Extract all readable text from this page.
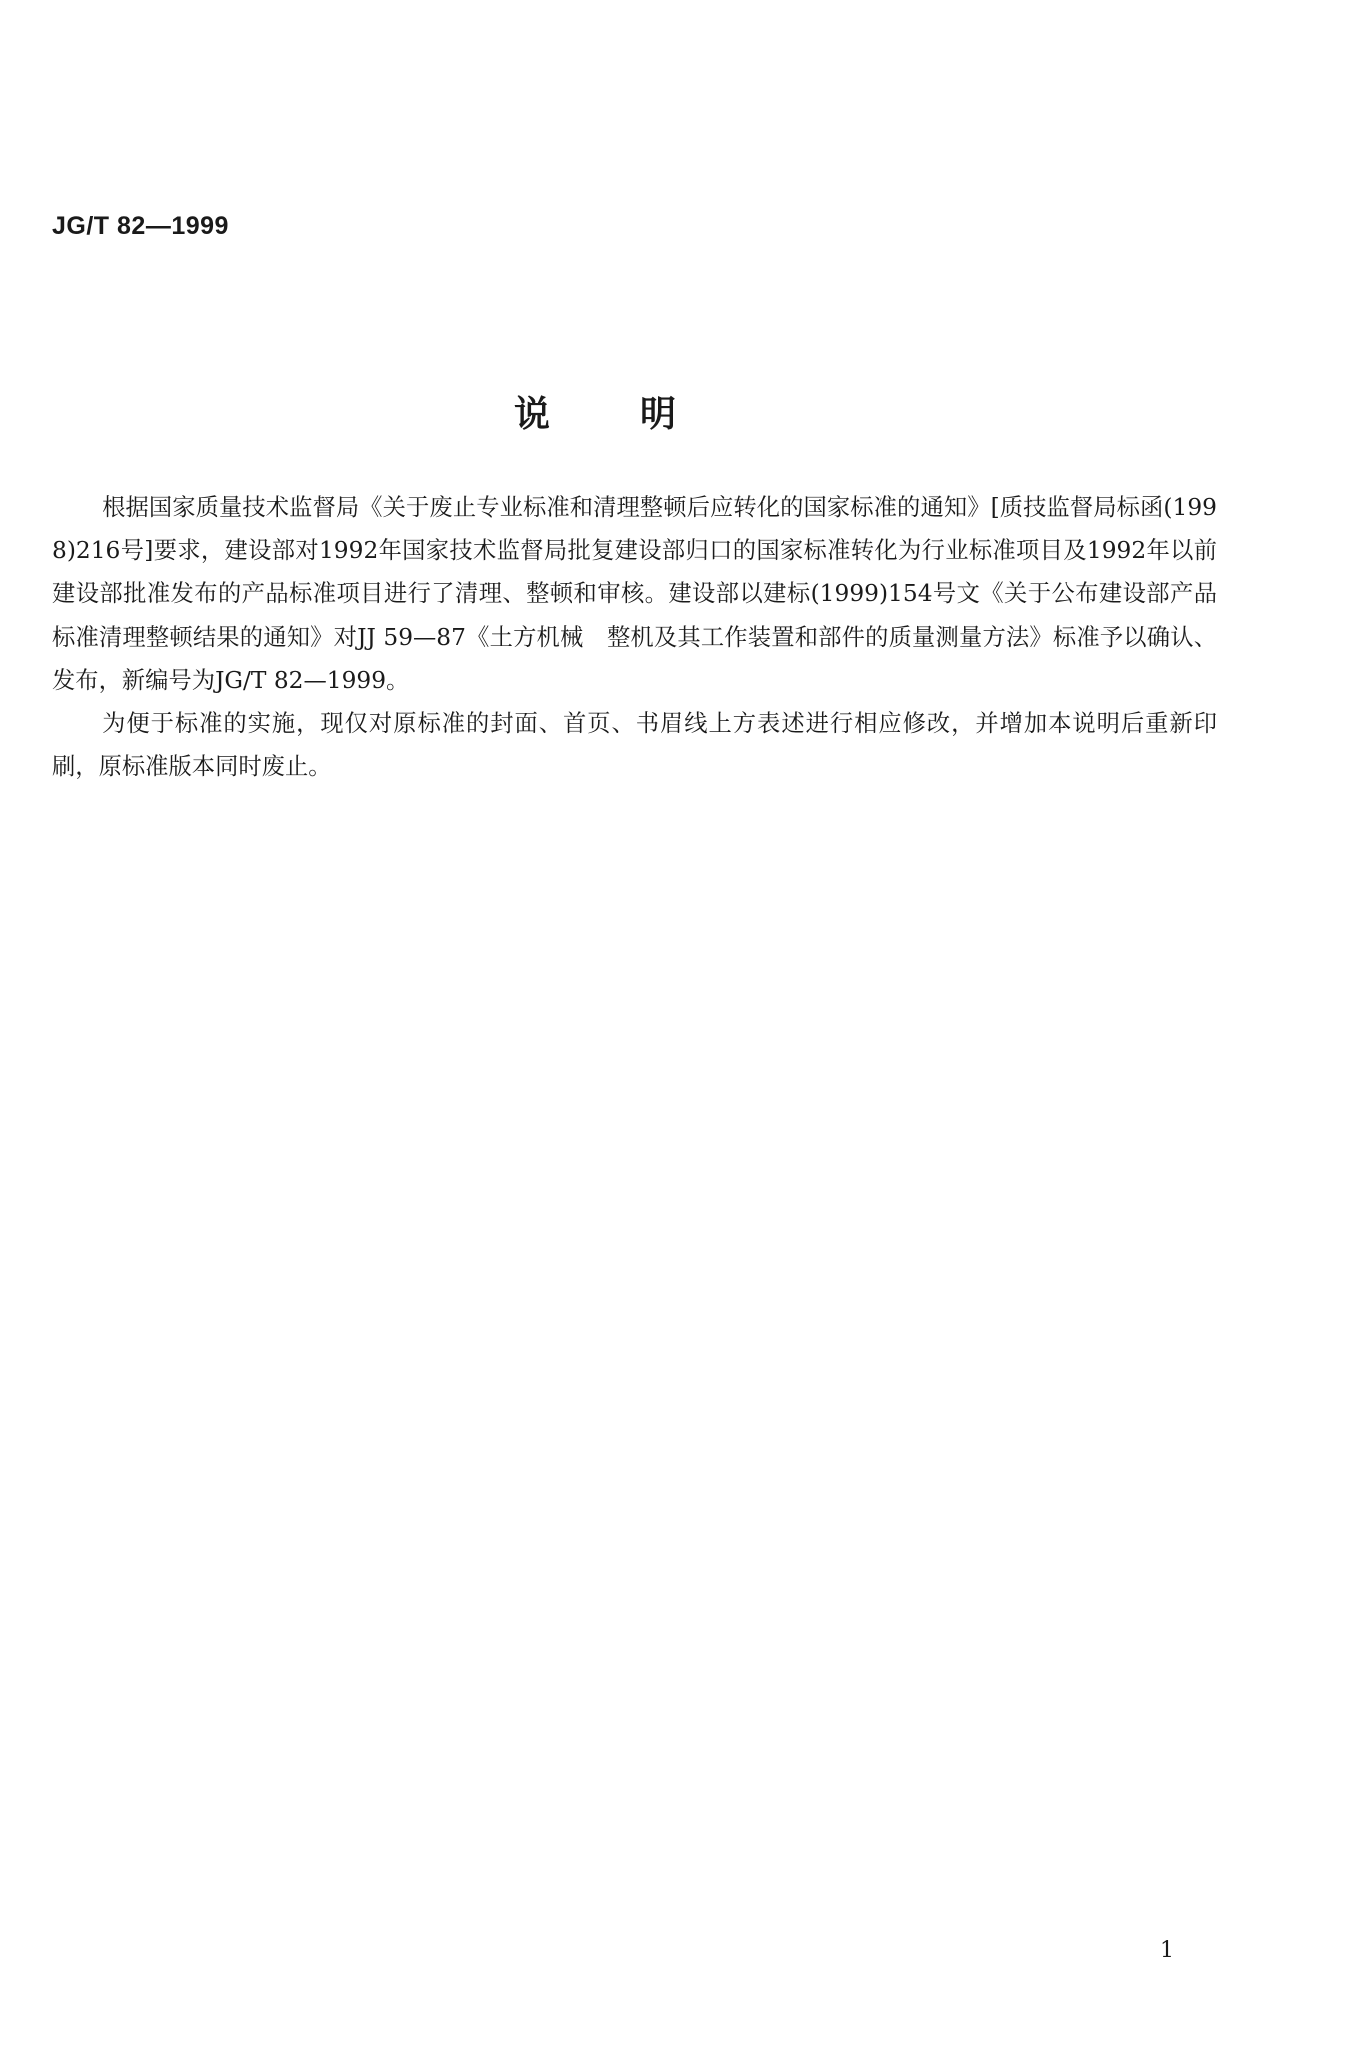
JG/T 82—1999
说明

根据国家质量技术监督局《关于废止专业标准和清理整顿后应转化的国家标准的通知》[质技监督局标函(1998)216号]要求，建设部对1992年国家技术监督局批复建设部归口的国家标准转化为行业标准项目及1992年以前建设部批准发布的产品标准项目进行了清理、整顿和审核。建设部以建标(1999)154号文《关于公布建设部产品标准清理整顿结果的通知》对JJ 59—87《土方机械　整机及其工作装置和部件的质量测量方法》标准予以确认、发布，新编号为JG/T 82—1999。

为便于标准的实施，现仅对原标准的封面、首页、书眉线上方表述进行相应修改，并增加本说明后重新印刷，原标准版本同时废止。

1
